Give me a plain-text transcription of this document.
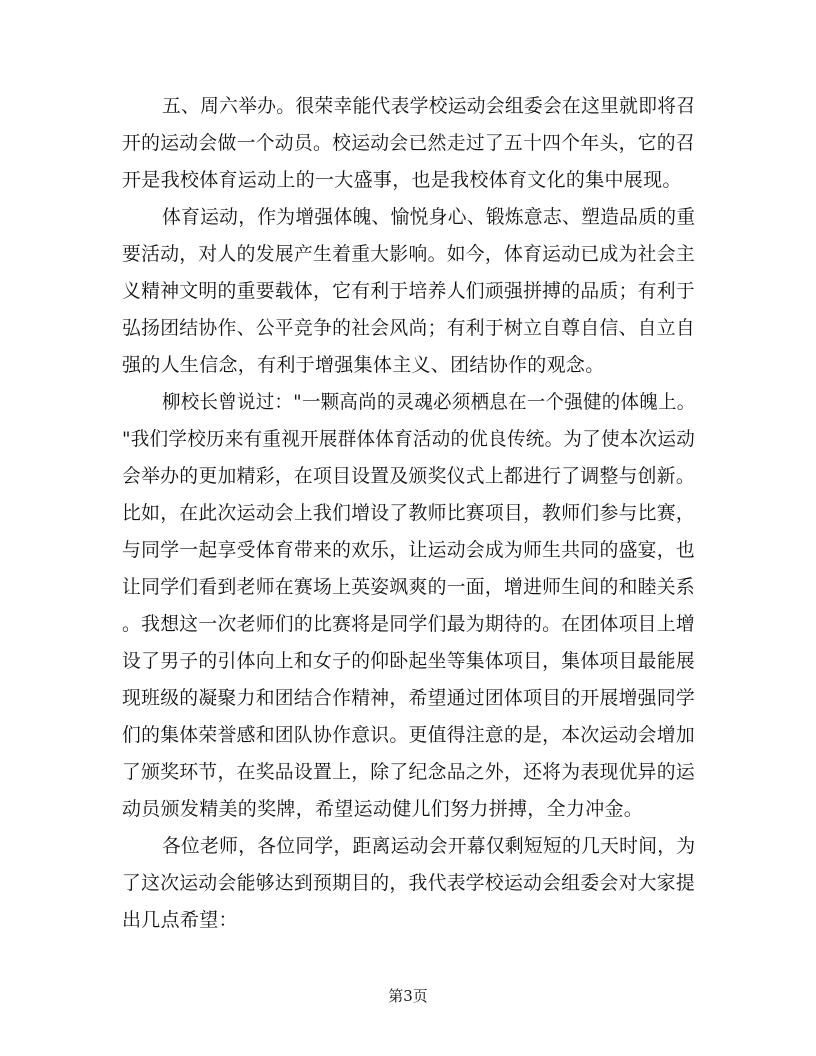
五、周六举办。很荣幸能代表学校运动会组委会在这里就即将召
开的运动会做一个动员。校运动会已然走过了五十四个年头，它的召
开是我校体育运动上的一大盛事，也是我校体育文化的集中展现。
体育运动，作为增强体魄、愉悦身心、锻炼意志、塑造品质的重
要活动，对人的发展产生着重大影响。如今，体育运动已成为社会主
义精神文明的重要载体，它有利于培养人们顽强拼搏的品质；有利于
弘扬团结协作、公平竞争的社会风尚；有利于树立自尊自信、自立自
强的人生信念，有利于增强集体主义、团结协作的观念。
柳校长曾说过："一颗高尚的灵魂必须栖息在一个强健的体魄上。
"我们学校历来有重视开展群体体育活动的优良传统。为了使本次运动
会举办的更加精彩，在项目设置及颁奖仪式上都进行了调整与创新。
比如，在此次运动会上我们增设了教师比赛项目，教师们参与比赛，
与同学一起享受体育带来的欢乐，让运动会成为师生共同的盛宴，也
让同学们看到老师在赛场上英姿飒爽的一面，增进师生间的和睦关系
。我想这一次老师们的比赛将是同学们最为期待的。在团体项目上增
设了男子的引体向上和女子的仰卧起坐等集体项目，集体项目最能展
现班级的凝聚力和团结合作精神，希望通过团体项目的开展增强同学
们的集体荣誉感和团队协作意识。更值得注意的是，本次运动会增加
了颁奖环节，在奖品设置上，除了纪念品之外，还将为表现优异的运
动员颁发精美的奖牌，希望运动健儿们努力拼搏，全力冲金。
各位老师，各位同学，距离运动会开幕仅剩短短的几天时间，为
了这次运动会能够达到预期目的，我代表学校运动会组委会对大家提
出几点希望：
第3页
